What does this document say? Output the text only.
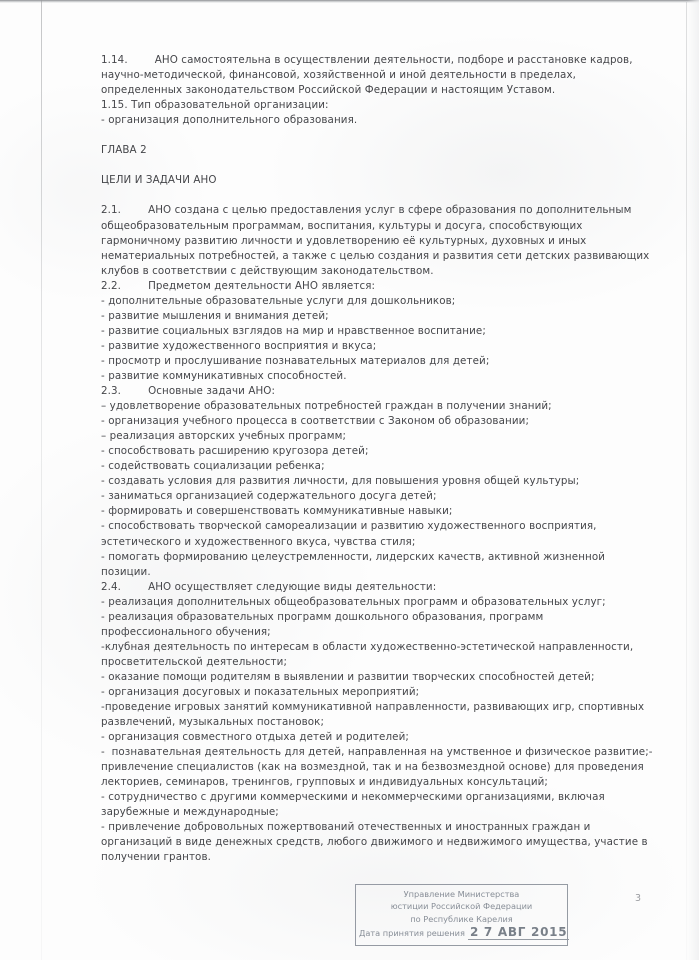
1.14.        АНО самостоятельна в осуществлении деятельности, подборе и расстановке кадров,
научно-методической, финансовой, хозяйственной и иной деятельности в пределах,
определенных законодательством Российской Федерации и настоящим Уставом.
1.15. Тип образовательной организации:
- организация дополнительного образования.
ГЛАВА 2
ЦЕЛИ И ЗАДАЧИ АНО
2.1.        АНО создана с целью предоставления услуг в сфере образования по дополнительным
общеобразовательным программам, воспитания, культуры и досуга, способствующих
гармоничному развитию личности и удовлетворению её культурных, духовных и иных
нематериальных потребностей, а также с целью создания и развития сети детских развивающих
клубов в соответствии с действующим законодательством.
2.2.        Предметом деятельности АНО является:
- дополнительные образовательные услуги для дошкольников;
- развитие мышления и внимания детей;
- развитие социальных взглядов на мир и нравственное воспитание;
- развитие художественного восприятия и вкуса;
- просмотр и прослушивание познавательных материалов для детей;
- развитие коммуникативных способностей.
2.3.        Основные задачи АНО:
– удовлетворение образовательных потребностей граждан в получении знаний;
- организация учебного процесса в соответствии с Законом об образовании;
– реализация авторских учебных программ;
- способствовать расширению кругозора детей;
- содействовать социализации ребенка;
- создавать условия для развития личности, для повышения уровня общей культуры;
- заниматься организацией содержательного досуга детей;
- формировать и совершенствовать коммуникативные навыки;
- способствовать творческой самореализации и развитию художественного восприятия,
эстетического и художественного вкуса, чувства стиля;
- помогать формированию целеустремленности, лидерских качеств, активной жизненной
позиции.
2.4.        АНО осуществляет следующие виды деятельности:
- реализация дополнительных общеобразовательных программ и образовательных услуг;
- реализация образовательных программ дошкольного образования, программ
профессионального обучения;
-клубная деятельность по интересам в области художественно-эстетической направленности,
просветительской деятельности;
- оказание помощи родителям в выявлении и развитии творческих способностей детей;
- организация досуговых и показательных мероприятий;
-проведение игровых занятий коммуникативной направленности, развивающих игр, спортивных
развлечений, музыкальных постановок;
- организация совместного отдыха детей и родителей;
-  познавательная деятельность для детей, направленная на умственное и физическое развитие;-
привлечение специалистов (как на возмездной, так и на безвозмездной основе) для проведения
лекториев, семинаров, тренингов, групповых и индивидуальных консультаций;
- сотрудничество с другими коммерческими и некоммерческими организациями, включая
зарубежные и международные;
- привлечение добровольных пожертвований отечественных и иностранных граждан и
организаций в виде денежных средств, любого движимого и недвижимого имущества, участие в
получении грантов.
Управление Министерства
юстиции Российской Федерации
по Республике Карелия
Дата принятия решения 2 7 АВГ 2015
3
